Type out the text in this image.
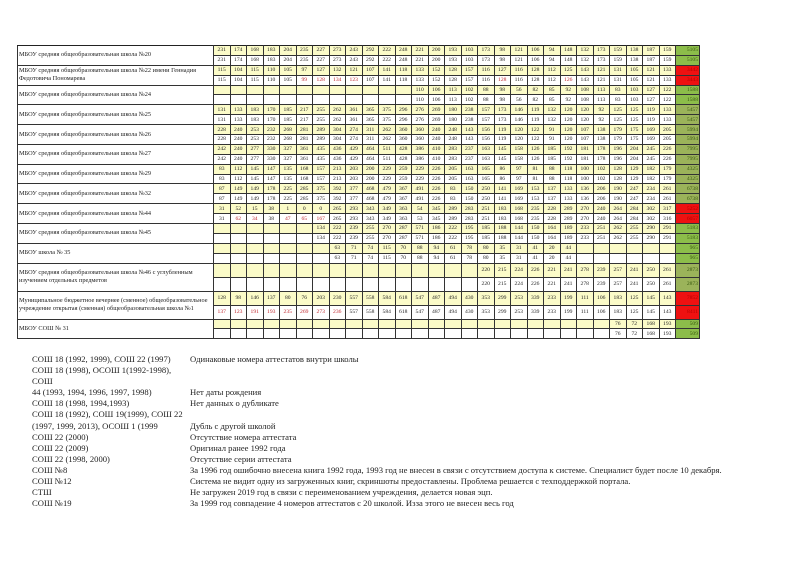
МБОУ средняя общеобразовательная школа №20	231	174	168	183	204	235	227	273	243	292	222	248	221	200	193	103	173	98	121	106	94	148	132	173	159	138	187	159	5105
	231	174	168	183	204	235	227	273	243	292	222	248	221	200	193	103	173	98	121	106	94	148	132	173	159	138	187	159	5105
МБОУ средняя общеобразовательная школа №22 имени Геннадия Федотовича Пономарева	115	104	115	110	105	97	127	132	121	107	141	118	133	152	128	157	116	127	116	128	112	125	143	121	131	105	121	133	3442
	115	104	115	110	105	99	128	134	123	107	141	118	133	152	128	157	116	128	116	128	112	126	143	121	131	105	121	133	3443
МБОУ средняя общеобразовательная школа №24													110	106	113	102	88	98	56	82	85	92	108	113	83	103	127	122	1588
													110	106	113	102	88	98	56	82	85	92	108	113	83	103	127	122	1588
МБОУ средняя общеобразовательная школа №25	131	133	183	170	185	217	255	262	361	365	375	296	276	269	180	238	157	173	146	119	132	120	120	92	125	125	119	133	5457
	131	133	183	170	185	217	255	262	361	365	375	296	276	269	180	238	157	173	146	119	132	120	120	92	125	125	119	133	5457
МБОУ средняя общеобразовательная школа №26	228	240	253	232	268	281	289	304	274	311	262	360	360	240	248	143	156	119	120	122	91	120	107	138	179	175	169	205	5994
	228	240	253	232	268	281	289	304	274	311	262	360	360	240	248	143	156	119	120	122	91	120	107	138	179	175	169	205	5994
МБОУ средняя общеобразовательная школа №27	242	240	277	330	327	361	435	436	429	464	511	428	386	410	283	237	163	145	158	126	185	192	181	178	196	204	245	226	7995
	242	240	277	330	327	361	435	436	429	464	511	428	386	410	283	237	163	145	158	126	185	192	181	178	196	204	245	226	7995
МБОУ средняя общеобразовательная школа №29	83	112	145	147	135	168	157	213	203	200	229	259	229	226	205	163	165	86	97	81	88	118	100	102	128	129	182	179	4325
	83	112	145	147	135	168	157	213	203	200	229	259	229	226	205	163	165	86	97	81	88	118	100	102	128	129	182	179	4325
МБОУ средняя общеобразовательная школа №32	87	149	149	178	225	285	375	392	377	468	479	367	491	226	83	150	250	141	169	153	137	133	136	206	190	247	234	261	6738
	87	149	149	178	225	285	375	392	377	468	479	367	491	226	83	150	250	141	169	153	137	133	136	206	190	247	234	261	6738
МБОУ средняя общеобразовательная школа №44	31	52	15	38	1	0	0	265	293	343	349	363	54	345	289	283	251	183	168	235	228	289	270	240	264	284	302	317	5252
	31	62	34	38	47	65	167	265	293	343	349	363	53	345	289	283	251	183	168	235	228	289	270	240	264	284	302	316	6057
МБОУ средняя общеобразовательная школа №45							134	222	239	255	270	287	571	186	222	195	185	188	144	150	164	189	233	251	262	255	290	291	5183
							134	222	239	255	270	287	571	186	222	195	185	188	144	150	164	189	233	251	262	255	290	291	5183
МБОУ школа № 35								63	71	74	115	70	88	94	61	78	80	35	31	41	20	44							965
								63	71	74	115	70	88	94	61	78	80	35	31	41	20	44							965
МБОУ средняя общеобразовательная школа №46 с углубленным изучением отдельных предметов																	220	215	224	226	221	241	278	239	257	241	250	261	2873
																	220	215	224	226	221	241	278	239	257	241	250	261	2873
Муниципальное бюджетное вечернее (сменное) общеобразовательное учреждение открытая (сменная) общеобразовательная школа №1	128	98	146	137	80	76	203	230	557	558	584	618	547	487	494	430	353	299	253	339	233	199	111	106	183	125	145	143	7852
	137	123	191	193	235	269	273	236	557	558	584	618	547	487	494	430	353	299	253	339	233	199	111	106	183	125	145	143	8411
МБОУ СОШ № 31																									76	72	168	193	509
																									76	72	168	193	509
СОШ 18 (1992, 1999), СОШ 22 (1997)	Одинаковые номера аттестатов внутри школы
СОШ 18 (1998), ОСОШ 1(1992-1998), СОШ
44 (1993, 1994, 1996, 1997, 1998)	Нет даты рождения
СОШ 18 (1998, 1994,1993)	Нет данных о дубликате
СОШ 18 (1992), СОШ 19(1999), СОШ 22
(1997, 1999, 2013), ОСОШ 1 (1999	Дубль с другой школой
СОШ 22 (2000)	Отсутствие номера аттестата
СОШ 22 (2009)	Оригинал ранее 1992 года
СОШ 22 (1998, 2000)	Отсутствие серии аттестата
СОШ №8	За 1996 год ошибочно внесена книга 1992 года, 1993 год не внесен в связи с отсутствием доступа к системе. Специалист будет после 10 декабря.
СОШ №12	Система не видит одну из загруженных книг, скриншоты предоставлены. Проблема решается с техподдержкой портала.
СТШ	Не загружен 2019 год в связи с переименованием учреждения, делается новая эцп.
СОШ №19	За 1999 год совпадение 4 номеров аттестатов с 20 школой. Изза этого не внесен весь год
